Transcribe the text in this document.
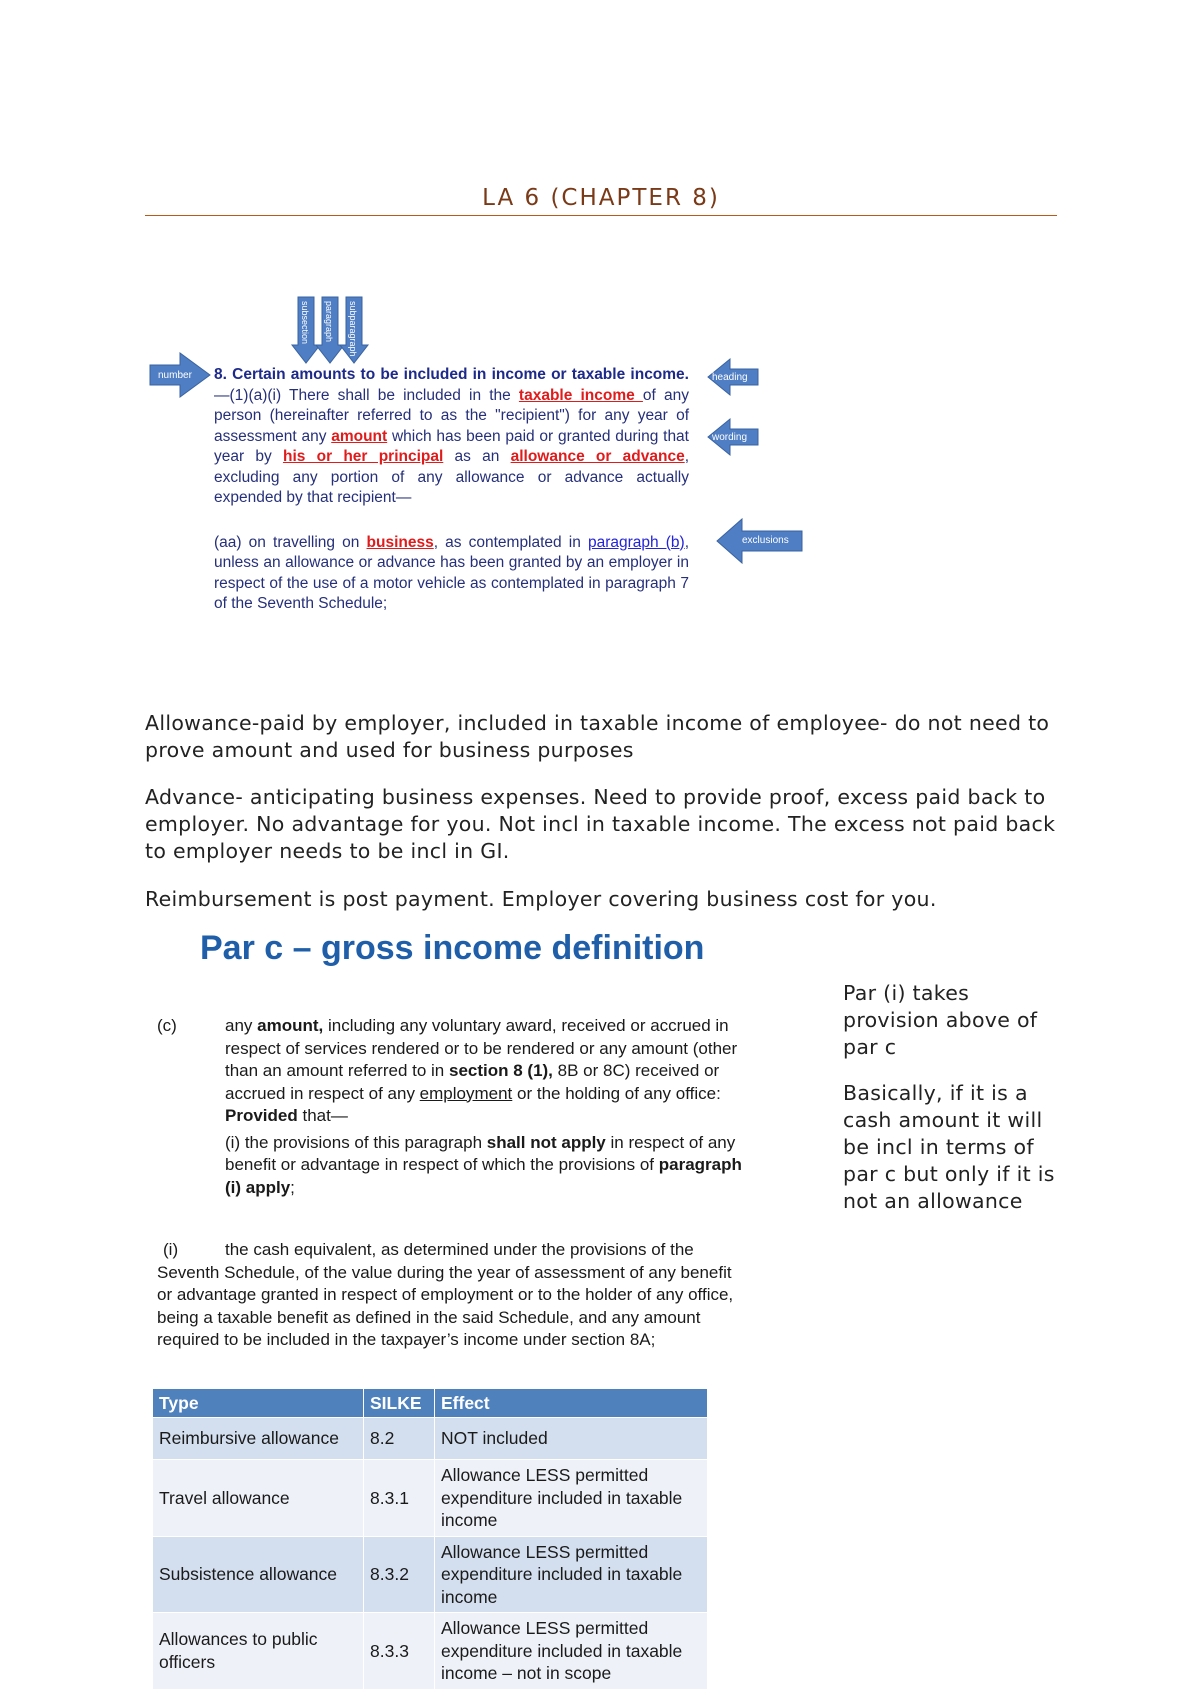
LA 6 (CHAPTER 8)
number	heading
wording
exclusions
subsection paragraph subparagraph

8. Certain amounts to be included in income or taxable income.—(1)(a)(i) There shall be included in the taxable income of any person (hereinafter referred to as the "recipient") for any year of assessment any amount which has been paid or granted during that year by his or her principal as an allowance or advance, excluding any portion of any allowance or advance actually expended by that recipient—

(aa) on travelling on business, as contemplated in paragraph (b), unless an allowance or advance has been granted by an employer in respect of the use of a motor vehicle as contemplated in paragraph 7 of the Seventh Schedule;

Allowance-paid by employer, included in taxable income of employee- do not need to prove amount and used for business purposes

Advance- anticipating business expenses. Need to provide proof, excess paid back to employer. No advantage for you. Not incl in taxable income. The excess not paid back to employer needs to be incl in GI.

Reimbursement is post payment. Employer covering business cost for you.

Par c – gross income definition
(c)	any amount, including any voluntary award, received or accrued in respect of services rendered or to be rendered or any amount (other than an amount referred to in section 8 (1), 8B or 8C) received or accrued in respect of any employment or the holding of any office: Provided that—

(i) the provisions of this paragraph shall not apply in respect of any benefit or advantage in respect of which the provisions of paragraph (i) apply;

(i)	the cash equivalent, as determined under the provisions of the Seventh Schedule, of the value during the year of assessment of any benefit or advantage granted in respect of employment or to the holder of any office, being a taxable benefit as defined in the said Schedule, and any amount required to be included in the taxpayer’s income under section 8A;

Par (i) takes provision above of par c

Basically, if it is a cash amount it will be incl in terms of par c but only if it is not an allowance

Type	SILKE	Effect
Reimbursive allowance	8.2	NOT included
Travel allowance	8.3.1	Allowance LESS permitted expenditure included in taxable income
Subsistence allowance	8.3.2	Allowance LESS permitted expenditure included in taxable income
Allowances to public officers	8.3.3	Allowance LESS permitted expenditure included in taxable income – not in scope
